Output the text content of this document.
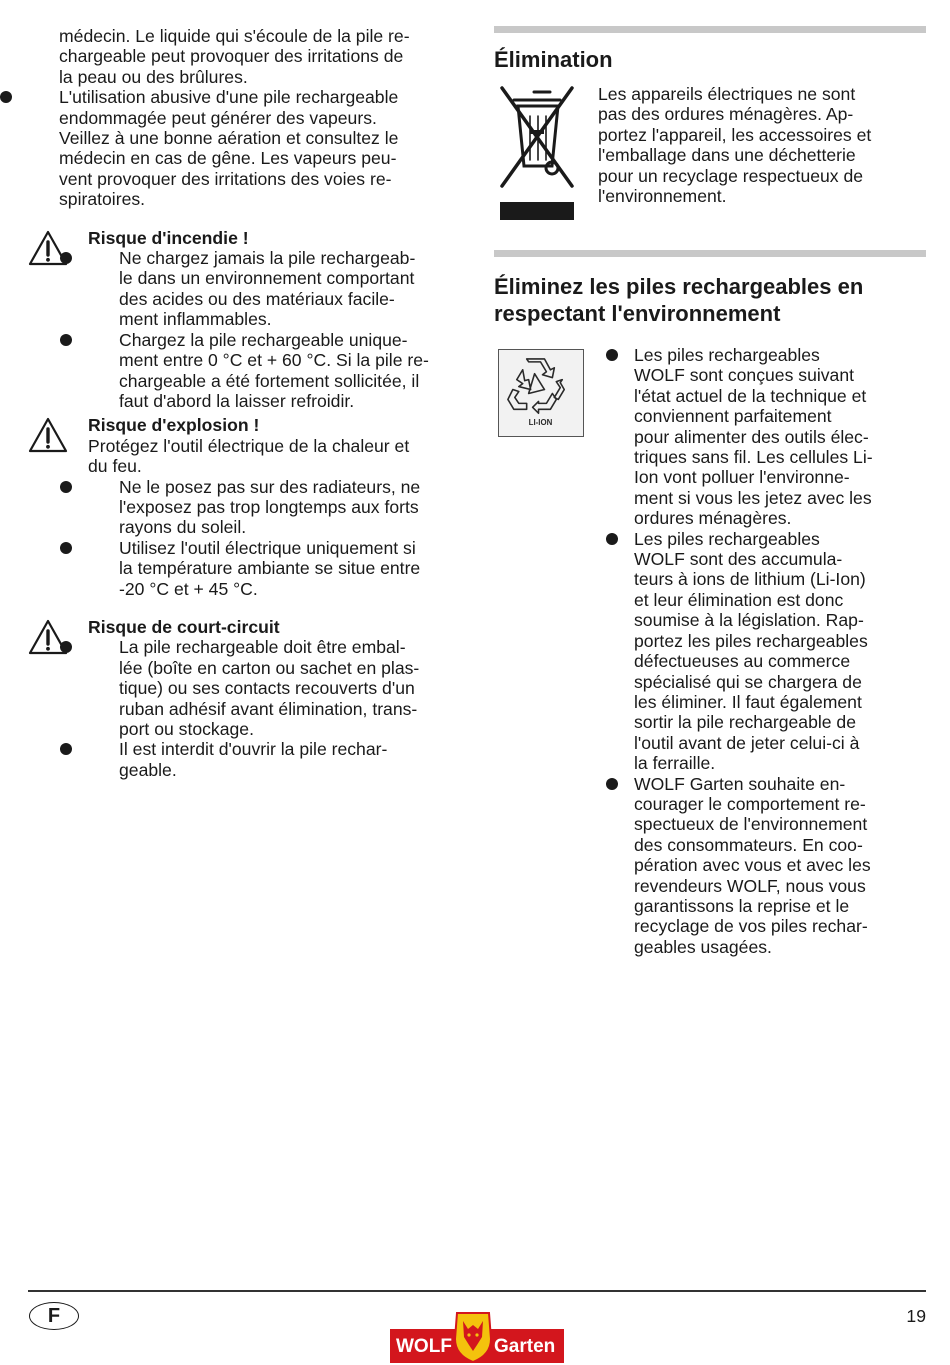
médecin. Le liquide qui s'écoule de la pile re-
chargeable peut provoquer des irritations de
la peau ou des brûlures.

L'utilisation abusive d'une pile rechargeable
endommagée peut générer des vapeurs.
Veillez à une bonne aération et consultez le
médecin en cas de gêne. Les vapeurs peu-
vent provoquer des irritations des voies re-
spiratoires.

Risque d'incendie !

Ne chargez jamais la pile rechargeab-
le dans un environnement comportant
des acides ou des matériaux facile-
ment inflammables.

Chargez la pile rechargeable unique-
ment entre 0 °C et + 60 °C. Si la pile re-
chargeable a été fortement sollicitée, il
faut d'abord la laisser refroidir.

Risque d'explosion !

Protégez l'outil électrique de la chaleur et
du feu.

Ne le posez pas sur des radiateurs, ne
l'exposez pas trop longtemps aux forts
rayons du soleil.

Utilisez l'outil électrique uniquement si
la température ambiante se situe entre
-20 °C et + 45 °C.

Risque de court-circuit

La pile rechargeable doit être embal-
lée (boîte en carton ou sachet en plas-
tique) ou ses contacts recouverts d'un
ruban adhésif avant élimination, trans-
port ou stockage.

Il est interdit d'ouvrir la pile rechar-
geable.

Élimination

Les appareils électriques ne sont
pas des ordures ménagères. Ap-
portez l'appareil, les accessoires et
l'emballage dans une déchetterie
pour un recyclage respectueux de
l'environnement.

Éliminez les piles rechargeables en
respectant l'environnement
LI-ION

Les piles rechargeables
WOLF sont conçues suivant
l'état actuel de la technique et
conviennent parfaitement
pour alimenter des outils élec-
triques sans fil. Les cellules Li-
Ion vont polluer l'environne-
ment si vous les jetez avec les
ordures ménagères.

Les piles rechargeables
WOLF sont des accumula-
teurs à ions de lithium (Li-Ion)
et leur élimination est donc
soumise à la législation. Rap-
portez les piles rechargeables
défectueuses au commerce
spécialisé qui se chargera de
les éliminer. Il faut également
sortir la pile rechargeable de
l'outil avant de jeter celui-ci à
la ferraille.

WOLF Garten souhaite en-
courager le comportement re-
spectueux de l'environnement
des consommateurs. En coo-
pération avec vous et avec les
revendeurs WOLF, nous vous
garantissons la reprise et le
recyclage de vos piles rechar-
geables usagées.

F
WOLF Garten
19
